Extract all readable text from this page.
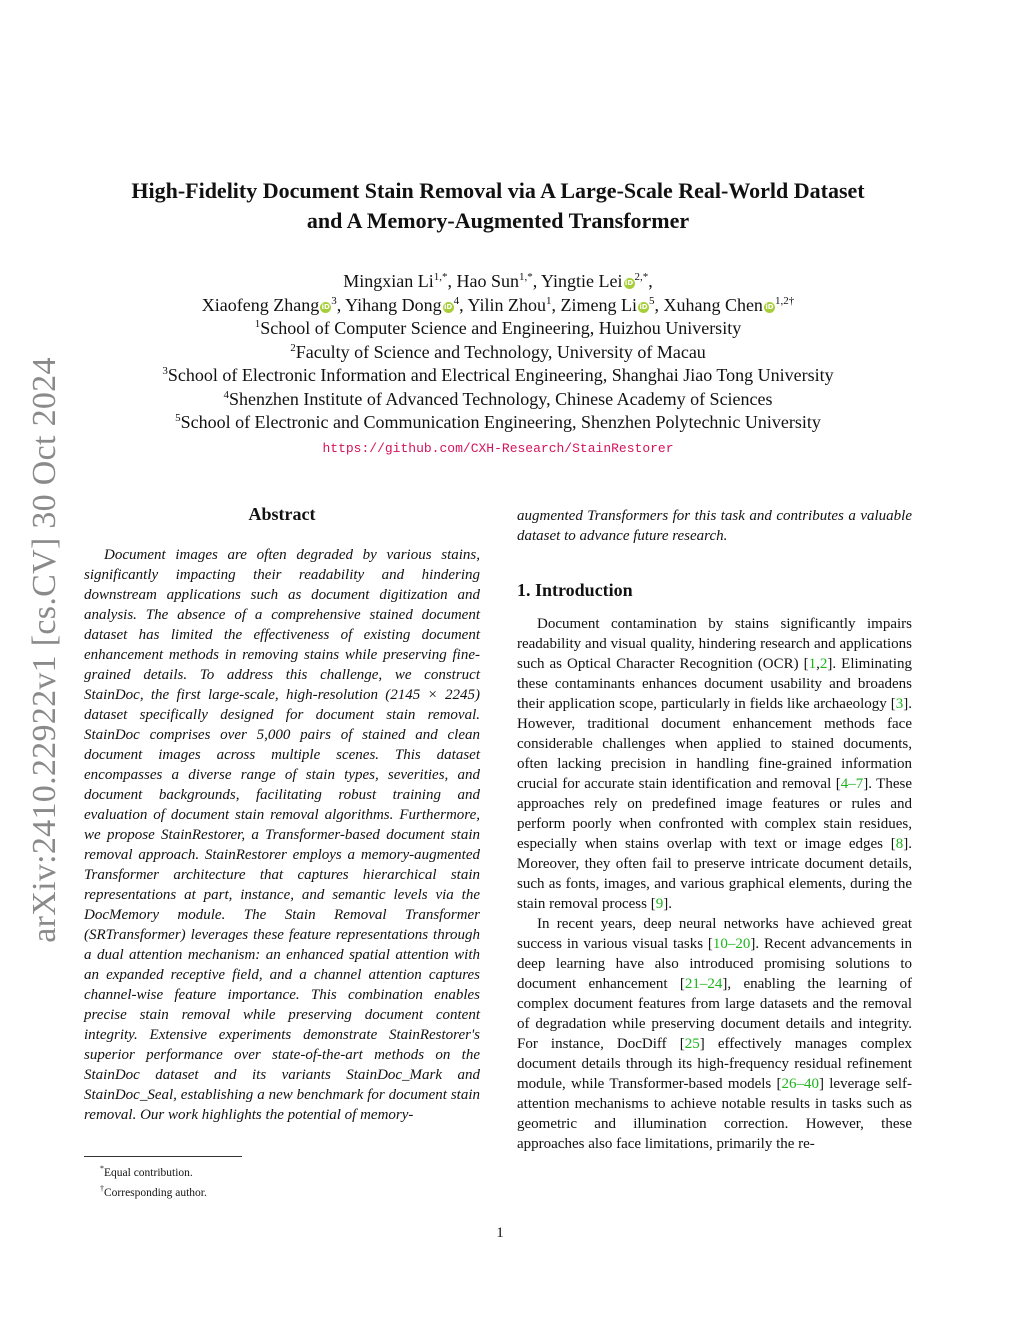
arXiv:2410.22922v1 [cs.CV] 30 Oct 2024
High-Fidelity Document Stain Removal via A Large-Scale Real-World Dataset
and A Memory-Augmented Transformer
Mingxian $Li^{1,*}$, Hao Sun$^{1,*}$, Yingtie Lei $iD^{2,*}$,
Xiaofeng Zhang $iD^3$, Yihang Dong $iD^4$, Yilin Zhou$^1$, Zimeng Li $iD^5$, Xuhang Chen $iD^{1,2\dagger}$
$^1$School of Computer Science and Engineering, Huizhou University
$^2$Faculty of Science and Technology, University of Macau
$^3$School of Electronic Information and Electrical Engineering, Shanghai Jiao Tong University
$^4$Shenzhen Institute of Advanced Technology, Chinese Academy of Sciences
$^5$School of Electronic and Communication Engineering, Shenzhen Polytechnic University
https://github.com/CXH-Research/StainRestorer
Abstract

Document images are often degraded by various stains, significantly impacting their readability and hindering downstream applications such as document digitization and analysis. The absence of a comprehensive stained document dataset has limited the effectiveness of existing document enhancement methods in removing stains while preserving fine-grained details. To address this challenge, we construct StainDoc, the first large-scale, high-resolution (2145 × 2245) dataset specifically designed for document stain removal. StainDoc comprises over 5,000 pairs of stained and clean document images across multiple scenes. This dataset encompasses a diverse range of stain types, severities, and document backgrounds, facilitating robust training and evaluation of document stain removal algorithms. Furthermore, we propose StainRestorer, a Transformer-based document stain removal approach. StainRestorer employs a memory-augmented Transformer architecture that captures hierarchical stain representations at part, instance, and semantic levels via the DocMemory module. The Stain Removal Transformer (SRTransformer) leverages these feature representations through a dual attention mechanism: an enhanced spatial attention with an expanded receptive field, and a channel attention captures channel-wise feature importance. This combination enables precise stain removal while preserving document content integrity. Extensive experiments demonstrate StainRestorer's superior performance over state-of-the-art methods on the StainDoc dataset and its variants StainDoc_Mark and StainDoc_Seal, establishing a new benchmark for document stain removal. Our work highlights the potential of memory-

augmented Transformers for this task and contributes a valuable dataset to advance future research.

1. Introduction

Document contamination by stains significantly impairs readability and visual quality, hindering research and applications such as Optical Character Recognition (OCR) [1,2]. Eliminating these contaminants enhances document usability and broadens their application scope, particularly in fields like archaeology [3]. However, traditional document enhancement methods face considerable challenges when applied to stained documents, often lacking precision in handling fine-grained information crucial for accurate stain identification and removal [4–7]. These approaches rely on predefined image features or rules and perform poorly when confronted with complex stain residues, especially when stains overlap with text or image edges [8]. Moreover, they often fail to preserve intricate document details, such as fonts, images, and various graphical elements, during the stain removal process [9].

In recent years, deep neural networks have achieved great success in various visual tasks [10–20]. Recent advancements in deep learning have also introduced promising solutions to document enhancement [21–24], enabling the learning of complex document features from large datasets and the removal of degradation while preserving document details and integrity. For instance, DocDiff [25] effectively manages complex document details through its high-frequency residual refinement module, while Transformer-based models [26–40] leverage self-attention mechanisms to achieve notable results in tasks such as geometric and illumination correction. However, these approaches also face limitations, primarily the re-

*Equal contribution.
†Corresponding author.
1
